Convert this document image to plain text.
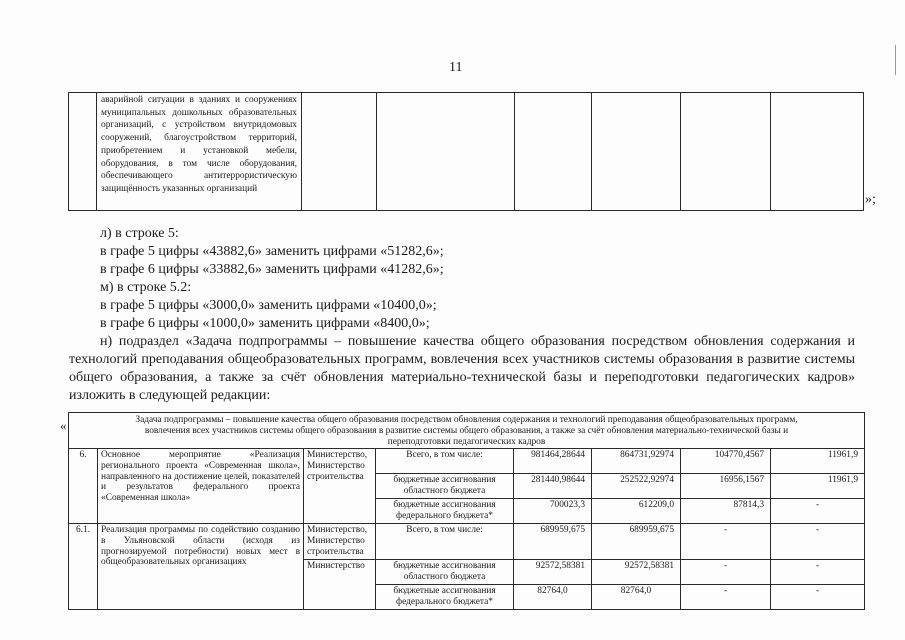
11
	аварийной ситуации в зданиях и сооружениях муниципальных дошкольных образовательных организаций, с устройством внутридомовых сооружений, благоустройством территорий, приобретением и установкой мебели, оборудования, в том числе оборудования, обеспечивающего антитеррористическую защищённость указанных организаций						
»;

л) в строке 5:

в графе 5 цифры «43882,6» заменить цифрами «51282,6»;

в графе 6 цифры «33882,6» заменить цифрами «41282,6»;

м) в строке 5.2:

в графе 5 цифры «3000,0» заменить цифрами «10400,0»;

в графе 6 цифры «1000,0» заменить цифрами «8400,0»;

н) подраздел «Задача подпрограммы – повышение качества общего образования посредством обновления содержания и технологий преподавания общеобразовательных программ, вовлечения всех участников системы образования в развитие системы общего образования, а также за счёт обновления материально-технической базы и переподготовки педагогических кадров» изложить в следующей редакции:

«	Задача подпрограммы – повышение качества общего образования посредством обновления содержания и технологий преподавания общеобразовательных программ, вовлечения всех участников системы общего образования в развитие системы общего образования, а также за счёт обновления материально-технической базы и переподготовки педагогических кадров							
6.	Основное мероприятие «Реализация регионального проекта «Современная школа», направленного на достижение целей, показателей и результатов федерального проекта «Современная школа»	Министерство, Министерство строительства	Всего, в том числе:	981464,28644	864731,92974	104770,4567	11961,9
			бюджетные ассигнования областного бюджета	281440,98644	252522,92974	16956,1567	11961,9
			бюджетные ассигнования федерального бюджета*	700023,3	612209,0	87814,3	-
6.1.	Реализация программы по содействию созданию в Ульяновской области (исходя из прогнозируемой потребности) новых мест в общеобразовательных организациях	Министерство, Министерство строительства	Всего, в том числе:	689959,675	689959,675	-	-
		Министерство	бюджетные ассигнования областного бюджета	92572,58381	92572,58381	-	-
			бюджетные ассигнования федерального бюджета*	82764,0	82764,0	-	-
